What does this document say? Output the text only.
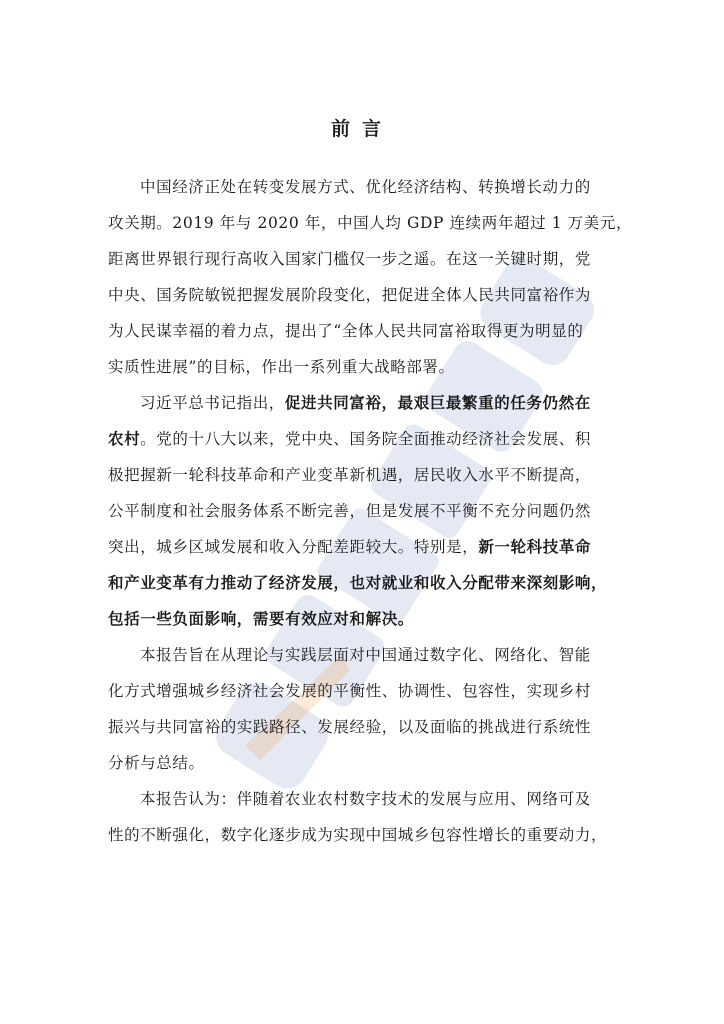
前言
中国经济正处在转变发展方式、优化经济结构、转换增长动力的
攻关期。2019 年与 2020 年，中国人均 GDP 连续两年超过 1 万美元，
距离世界银行现行高收入国家门槛仅一步之遥。在这一关键时期，党
中央、国务院敏锐把握发展阶段变化，把促进全体人民共同富裕作为
为人民谋幸福的着力点，提出了“全体人民共同富裕取得更为明显的
实质性进展”的目标，作出一系列重大战略部署。
习近平总书记指出，促进共同富裕，最艰巨最繁重的任务仍然在
农村。党的十八大以来，党中央、国务院全面推动经济社会发展、积
极把握新一轮科技革命和产业变革新机遇，居民收入水平不断提高，
公平制度和社会服务体系不断完善，但是发展不平衡不充分问题仍然
突出，城乡区域发展和收入分配差距较大。特别是，新一轮科技革命
和产业变革有力推动了经济发展，也对就业和收入分配带来深刻影响，
包括一些负面影响，需要有效应对和解决。
本报告旨在从理论与实践层面对中国通过数字化、网络化、智能
化方式增强城乡经济社会发展的平衡性、协调性、包容性，实现乡村
振兴与共同富裕的实践路径、发展经验，以及面临的挑战进行系统性
分析与总结。
本报告认为：伴随着农业农村数字技术的发展与应用、网络可及
性的不断强化，数字化逐步成为实现中国城乡包容性增长的重要动力，
